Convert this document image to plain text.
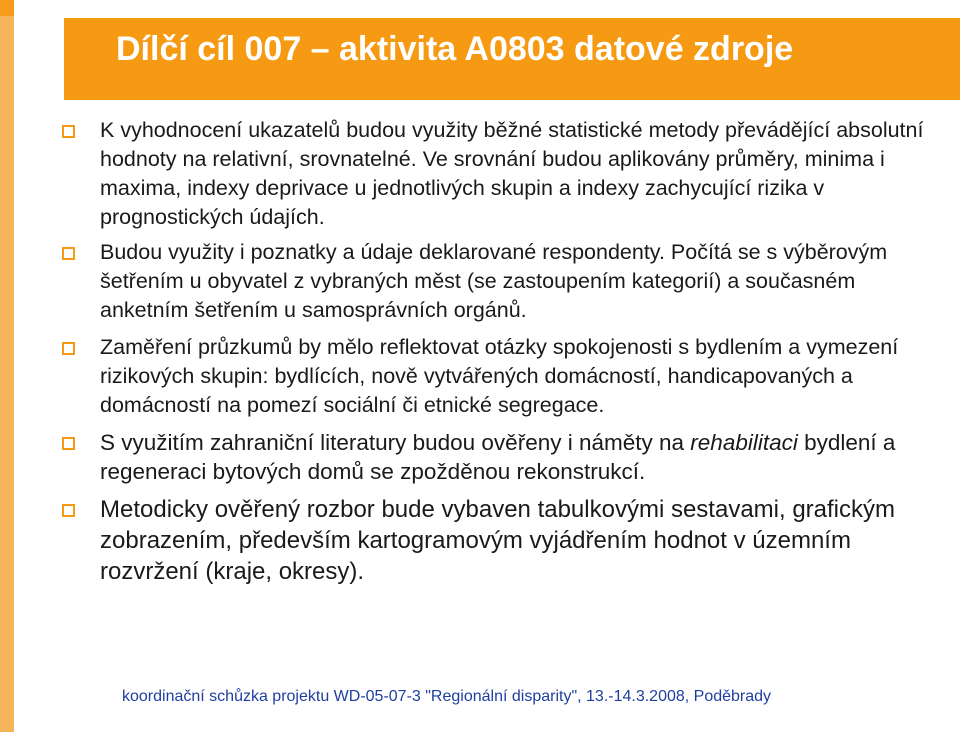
Dílčí cíl 007 – aktivita A0803 datové zdroje
K vyhodnocení ukazatelů budou využity běžné statistické metody převádějící absolutní hodnoty na relativní, srovnatelné. Ve srovnání budou aplikovány průměry, minima i maxima, indexy deprivace u jednotlivých skupin a indexy zachycující rizika v prognostických údajích.
Budou využity i poznatky a údaje deklarované respondenty. Počítá se s výběrovým šetřením u obyvatel z vybraných měst (se zastoupením kategorií) a současném anketním šetřením u samosprávních orgánů.
Zaměření průzkumů by mělo reflektovat otázky spokojenosti s bydlením a vymezení rizikových skupin: bydlících, nově vytvářených domácností, handicapovaných a domácností na pomezí sociální či etnické segregace.
S využitím zahraniční literatury budou ověřeny i náměty na rehabilitaci bydlení a regeneraci bytových domů se zpožděnou rekonstrukcí.
Metodicky ověřený rozbor bude vybaven tabulkovými sestavami, grafickým zobrazením, především kartogramovým vyjádřením hodnot v územním rozvržení (kraje, okresy).

koordinační schůzka projektu WD-05-07-3 "Regionální disparity", 13.-14.3.2008, Poděbrady
